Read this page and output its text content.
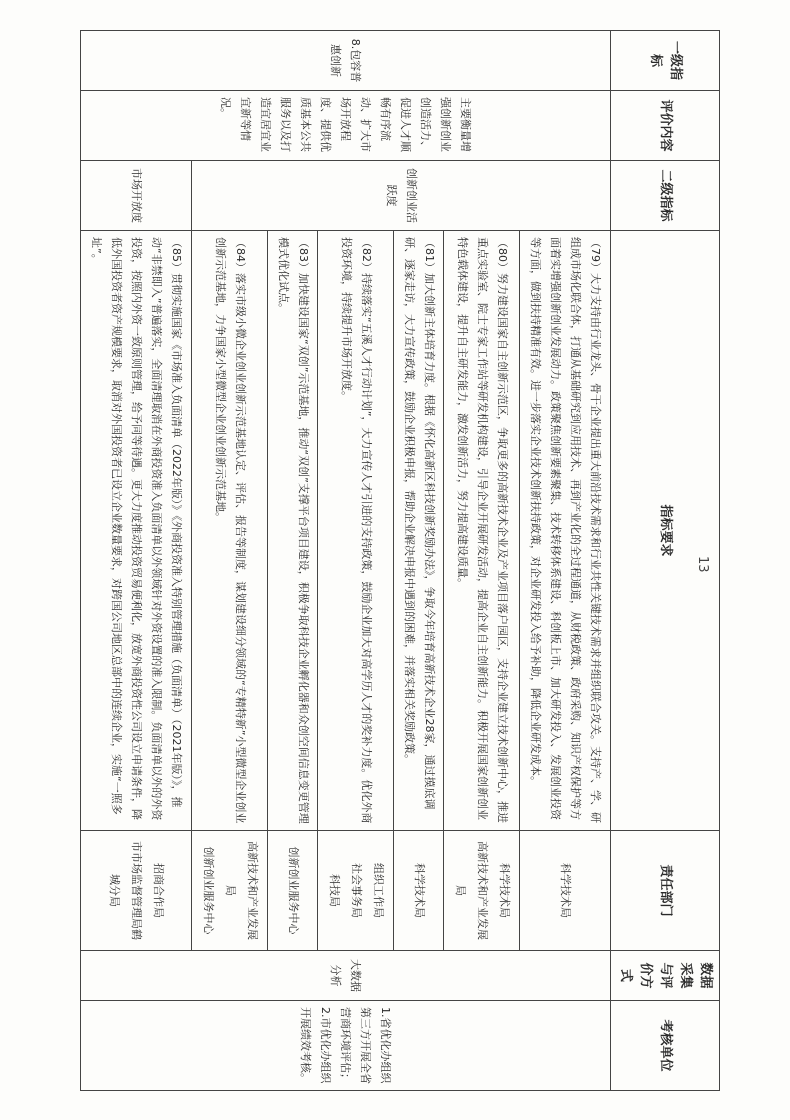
13
一级指标	评价内容	二级指标	指标要求	责任部门	数据采集与评价方式	考核单位
8.包容普惠创新	主要衡量增强创新创业创造活力、促进人才顺畅有序流动、扩大市场开放程度、提供优质基本公共服务以及打造宜居宜业宜新等情况。	创新创业活跃度	（79）大力支持由行业龙头、骨干企业提出重大前沿技术需求和行业共性关键技术需求并组织联合攻关。支持产、学、研组成市场化联合体，打通从基础研究到应用技术、再到产业化的全过程通道，从财税政策、政府采购、知识产权保护等方面着实增强创新创业发展动力。政策聚焦创新要素聚集、技术转移体系建设、科创板上市、加大研发投入、发展创业投资等方面，做到扶持精准有效。进一步落实企业技术创新扶持政策，对企业研发投入给予补助，降低企业研发成本。	科学技术局	大数据分析	1.省优化办组织第三方开展全省营商环境评估；2.市优化办组织开展绩效考核。
			（80）努力建设国家自主创新示范区，争取更多的高新技术企业及产业项目落户园区，支持企业建立技术创新中心，推进重点实验室、院士专家工作站等研发机构建设，引导企业开展研发活动，提高企业自主创新能力。积极开展国家创新创业特色载体建设，提升自主研发能力，激发创新活力，努力提高建设质量。	科学技术局
高新技术和产业发展局		

			（81）加大创新主体培育力度。根据《怀化高新区科技创新奖励办法》，争取今年培育高新技术企业28家，通过摸底调研、逐家走访，大力宣传政策，鼓励企业积极申报，帮助企业解决申报中遇到的困难，并落实相关奖励政策。	科学技术局		
			（82）持续落实“五溪人才行动计划”，大力宣传人才引进的支持政策，鼓励企业加大对高学历人才的奖补力度。优化外商投资环境，持续提升市场开放度。	组织工作局
社会事务局
科技局		

			（83）加快建设国家“双创”示范基地，推动“双创”支撑平台项目建设，积极争取科技企业孵化器和众创空间信息变更管理模式优化试点。	创新创业服务中心		
			（84）落实市级小微企业创业创新示范基地认定、评估、报告等制度，谋划建设细分领域的“专精特新”小型微型企业创业创新示范基地，力争国家小型微型企业创业创新示范基地。	高新技术和产业发展局
创新创业服务中心		

		市场开放度	（85）贯彻实施国家《市场准入负面清单（2022年版）》《外商投资准入特别管理措施（负面清单）（2021年版）》，推动“非禁即入”普遍落实，全面清理取消在外商投资准入负面清单以外领域针对外资设置的准入限制。负面清单以外的外资投资，按照内外资一致原则管理，给予同等待遇。更大力度推动投资贸易便利化，放宽外商投资性公司设立申请条件，降低外国投资者资产规模要求，取消对外国投资者已设立企业数量要求，对跨国公司地区总部中的连续企业，实施“一照多址”。	招商合作局
市市场监督管理局鹤城分局		
